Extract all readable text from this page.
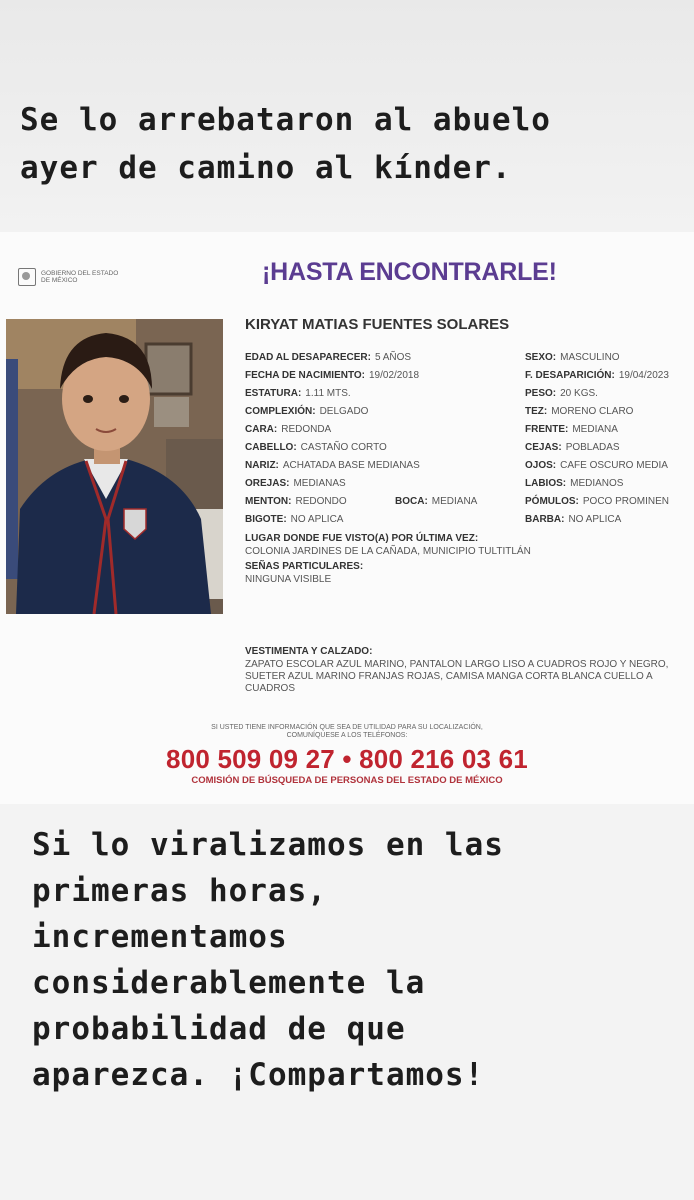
Se lo arrebataron al abuelo
ayer de camino al kínder.
GOBIERNO DEL ESTADO DE MÉXICO	¡HASTA ENCONTRARLE!
KIRYAT MATIAS FUENTES SOLARES
EDAD AL DESAPARECER: 5 AÑOS
FECHA DE NACIMIENTO: 19/02/2018
ESTATURA: 1.11 MTS.
COMPLEXIÓN: DELGADO
CARA: REDONDA
CABELLO: CASTAÑO CORTO
NARIZ: ACHATADA BASE MEDIANAS
OREJAS: MEDIANAS
MENTON: REDONDO
BIGOTE: NO APLICA
SEXO: MASCULINO
F. DESAPARICIÓN: 19/04/2023
PESO: 20 KGS.
TEZ: MORENO CLARO
FRENTE: MEDIANA
CEJAS: POBLADAS
OJOS: CAFE OSCURO MEDIA
LABIOS: MEDIANOS
PÓMULOS: POCO PROMINEN
BARBA: NO APLICA
BOCA: MEDIANA
LUGAR DONDE FUE VISTO(A) POR ÚLTIMA VEZ:
COLONIA JARDINES DE LA CAÑADA, MUNICIPIO TULTITLÁN
SEÑAS PARTICULARES:
NINGUNA VISIBLE
VESTIMENTA Y CALZADO:
ZAPATO ESCOLAR AZUL MARINO, PANTALON LARGO LISO A CUADROS ROJO Y NEGRO, SUETER AZUL MARINO FRANJAS ROJAS, CAMISA MANGA CORTA BLANCA CUELLO A CUADROS
SI USTED TIENE INFORMACIÓN QUE SEA DE UTILIDAD PARA SU LOCALIZACIÓN,
COMUNÍQUESE A LOS TELÉFONOS:
800 509 09 27 • 800 216 03 61
COMISIÓN DE BÚSQUEDA DE PERSONAS DEL ESTADO DE MÉXICO
Si lo viralizamos en las
primeras horas,
incrementamos
considerablemente la
probabilidad de que
aparezca. ¡Compartamos!
